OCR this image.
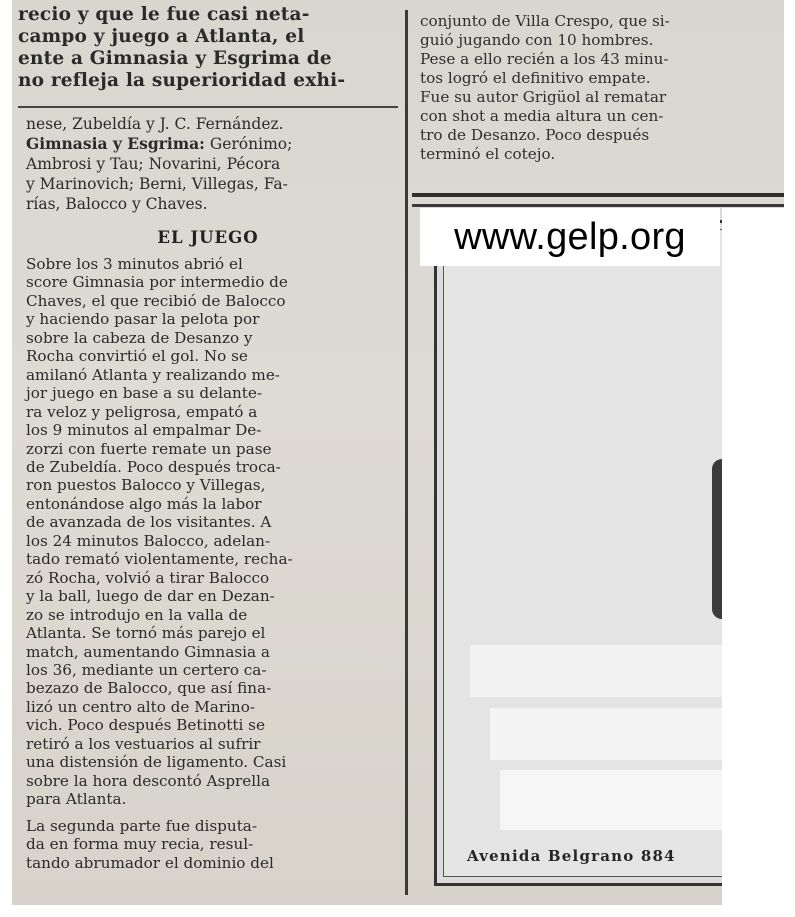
recio y que le fue casi neta-
campo y juego a Atlanta, el
ente a Gimnasia y Esgrima de
no refleja la superioridad exhi-
nese, Zubeldía y J. C. Fernández.
Gimnasia y Esgrima: Gerónimo;
Ambrosi y Tau; Novarini, Pécora
y Marinovich; Berni, Villegas, Fa-
rías, Balocco y Chaves.
EL JUEGO
Sobre los 3 minutos abrió el
score Gimnasia por intermedio de
Chaves, el que recibió de Balocco
y haciendo pasar la pelota por
sobre la cabeza de Desanzo y
Rocha convirtió el gol. No se
amilanó Atlanta y realizando me-
jor juego en base a su delante-
ra veloz y peligrosa, empató a
los 9 minutos al empalmar De-
zorzi con fuerte remate un pase
de Zubeldía. Poco después troca-
ron puestos Balocco y Villegas,
entonándose algo más la labor
de avanzada de los visitantes. A
los 24 minutos Balocco, adelan-
tado remató violentamente, recha-
zó Rocha, volvió a tirar Balocco
y la ball, luego de dar en Dezan-
zo se introdujo en la valla de
Atlanta. Se tornó más parejo el
match, aumentando Gimnasia a
los 36, mediante un certero ca-
bezazo de Balocco, que así fina-
lizó un centro alto de Marino-
vich. Poco después Betinotti se
retiró a los vestuarios al sufrir
una distensión de ligamento. Casi
sobre la hora descontó Asprella
para Atlanta.
La segunda parte fue disputa-
da en forma muy recia, resul-
tando abrumador el dominio del
conjunto de Villa Crespo, que si-
guió jugando con 10 hombres.
Pese a ello recién a los 43 minu-
tos logró el definitivo empate.
Fue su autor Grigüol al rematar
con shot a media altura un cen-
tro de Desanzo. Poco después
terminó el cotejo.
Avenida Belgrano 884
www.gelp.org
